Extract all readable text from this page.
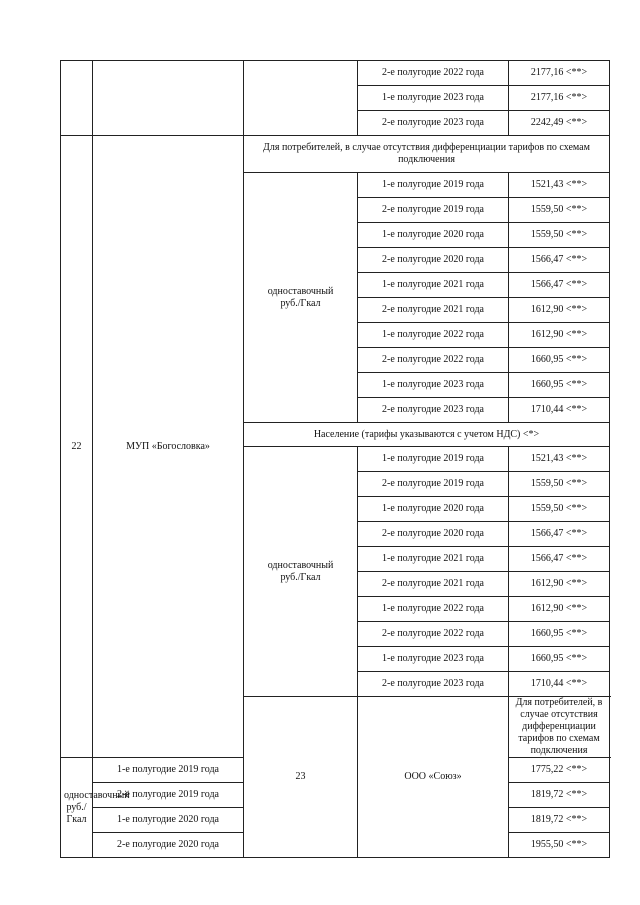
			2-е полугодие 2022 года	2177,16 <**>
			1-е полугодие 2023 года	2177,16 <**>
			2-е полугодие 2023 года	2242,49 <**>
22	МУП «Богословка»	Для потребителей, в случае отсутствия дифференциации тарифов по схемам подключения		

		одноставочный
руб./Гкал	1-е полугодие 2019 года	1521,43 <**>
			2-е полугодие 2019 года	1559,50 <**>
			1-е полугодие 2020 года	1559,50 <**>
			2-е полугодие 2020 года	1566,47 <**>
			1-е полугодие 2021 года	1566,47 <**>
			2-е полугодие 2021 года	1612,90 <**>
			1-е полугодие 2022 года	1612,90 <**>
			2-е полугодие 2022 года	1660,95 <**>
			1-е полугодие 2023 года	1660,95 <**>
			2-е полугодие 2023 года	1710,44 <**>
		Население (тарифы указываются с учетом НДС) <*>		

		одноставочный
руб./Гкал	1-е полугодие 2019 года	1521,43 <**>
			2-е полугодие 2019 года	1559,50 <**>
			1-е полугодие 2020 года	1559,50 <**>
			2-е полугодие 2020 года	1566,47 <**>
			1-е полугодие 2021 года	1566,47 <**>
			2-е полугодие 2021 года	1612,90 <**>
			1-е полугодие 2022 года	1612,90 <**>
			2-е полугодие 2022 года	1660,95 <**>
			1-е полугодие 2023 года	1660,95 <**>
			2-е полугодие 2023 года	1710,44 <**>
		23	ООО «Союз»	Для потребителей, в случае отсутствия дифференциации тарифов по схемам подключения

одноставочный
руб./Гкал	1-е полугодие 2019 года			1775,22 <**>
	2-е полугодие 2019 года			1819,72 <**>
	1-е полугодие 2020 года			1819,72 <**>
	2-е полугодие 2020 года			1955,50 <**>
